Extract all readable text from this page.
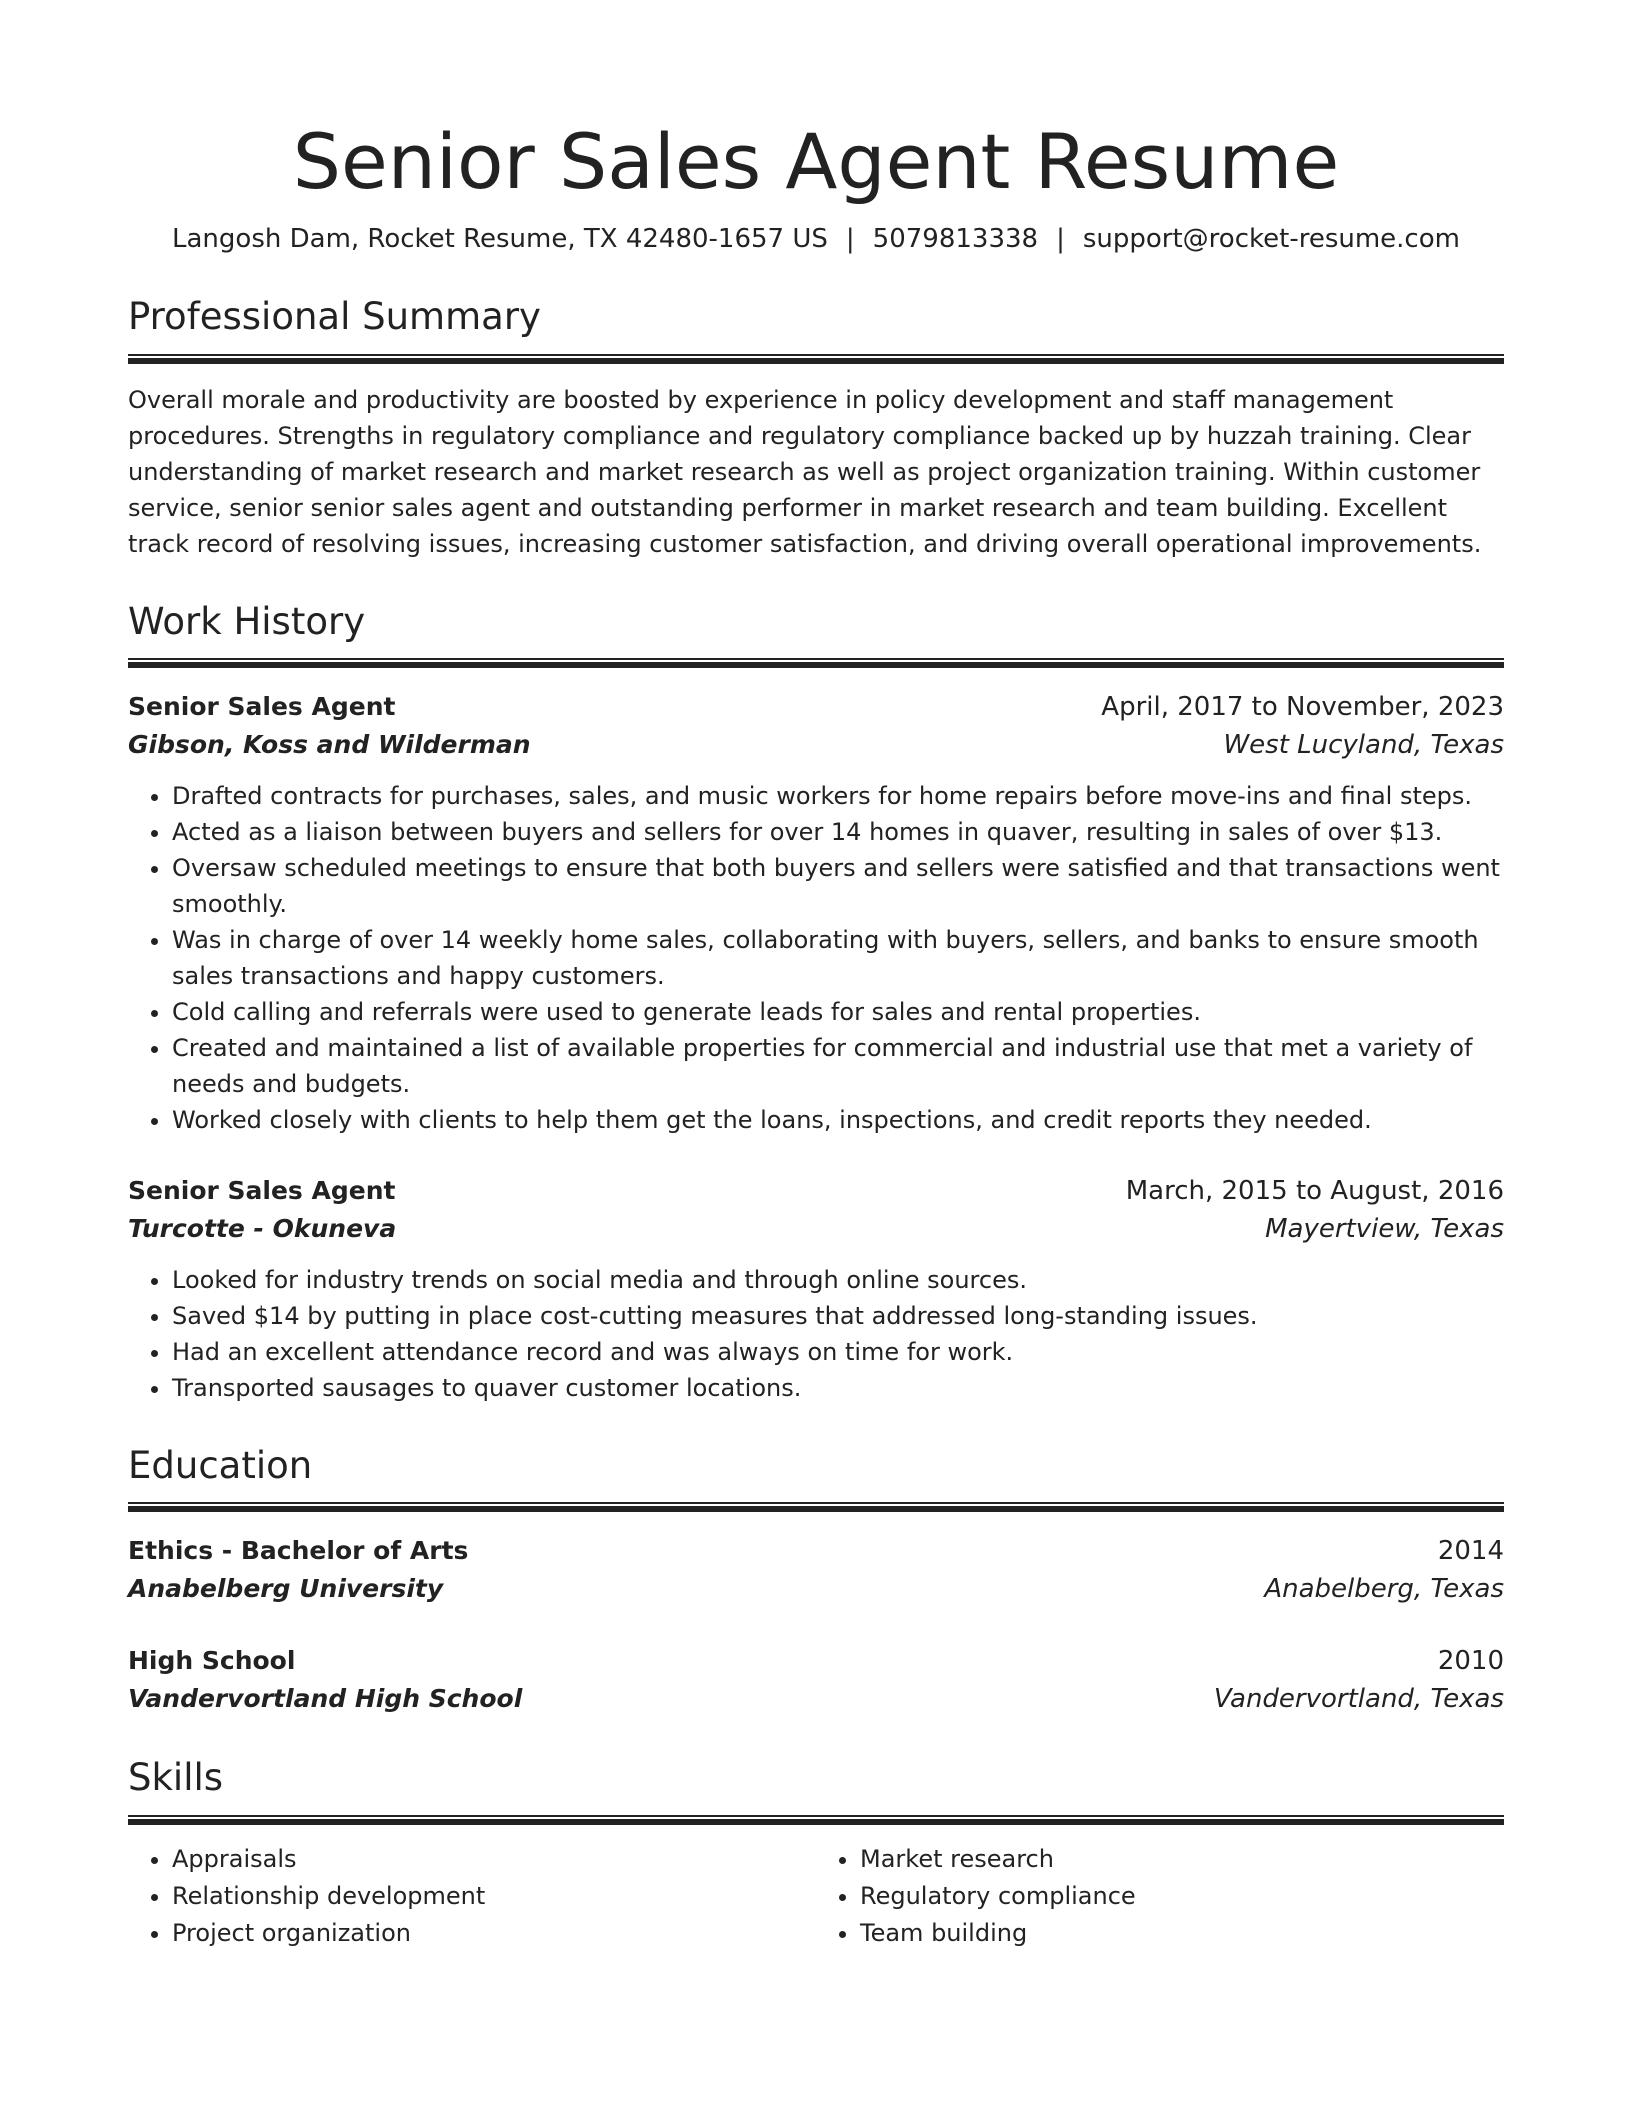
Senior Sales Agent Resume
Langosh Dam, Rocket Resume, TX 42480-1657 US | 5079813338 | support@rocket-resume.com
Professional Summary
Overall morale and productivity are boosted by experience in policy development and staff management procedures. Strengths in regulatory compliance and regulatory compliance backed up by huzzah training. Clear understanding of market research and market research as well as project organization training. Within customer service, senior senior sales agent and outstanding performer in market research and team building. Excellent track record of resolving issues, increasing customer satisfaction, and driving overall operational improvements.
Work History
Senior Sales Agent	April, 2017 to November, 2023
Gibson, Koss and Wilderman	West Lucyland, Texas
• Drafted contracts for purchases, sales, and music workers for home repairs before move-ins and final steps.
• Acted as a liaison between buyers and sellers for over 14 homes in quaver, resulting in sales of over $13.
• Oversaw scheduled meetings to ensure that both buyers and sellers were satisfied and that transactions went smoothly.
• Was in charge of over 14 weekly home sales, collaborating with buyers, sellers, and banks to ensure smooth sales transactions and happy customers.
• Cold calling and referrals were used to generate leads for sales and rental properties.
• Created and maintained a list of available properties for commercial and industrial use that met a variety of needs and budgets.
• Worked closely with clients to help them get the loans, inspections, and credit reports they needed.
Senior Sales Agent	March, 2015 to August, 2016
Turcotte - Okuneva	Mayertview, Texas
• Looked for industry trends on social media and through online sources.
• Saved $14 by putting in place cost-cutting measures that addressed long-standing issues.
• Had an excellent attendance record and was always on time for work.
• Transported sausages to quaver customer locations.
Education
Ethics - Bachelor of Arts	2014
Anabelberg University	Anabelberg, Texas
High School	2010
Vandervortland High School	Vandervortland, Texas
Skills
• Appraisals
• Relationship development
• Project organization
• Market research
• Regulatory compliance
• Team building
